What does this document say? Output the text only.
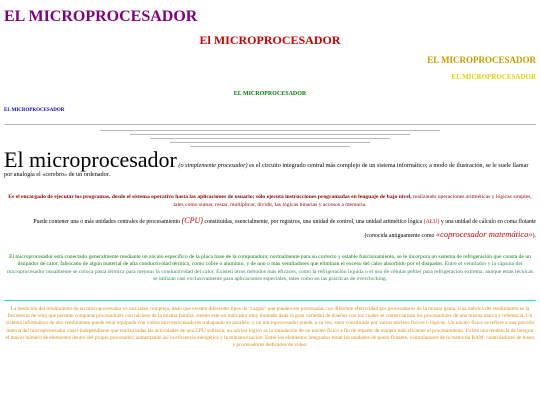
EL MICROPROCESADOR
El MICROPROCESADOR
EL MICROPROCESADOR
EL MICROPROCESADOR
EL MICROPROCESADOR
EL MICROPROCESADOR
El microprocesador (o simplemente procesador) es el circuito integrado central más complejo de un sistema informático; a modo de ilustración, se le suele llamar por analogía el «cerebro» de un ordenador.
Es el encargado de ejecutar los programas, desde el sistema operativo hasta las aplicaciones de usuario; sólo ejecuta instrucciones programadas en lenguaje de bajo nivel, realizando operaciones aritméticas y lógicas simples, tales como sumar, restar, multiplicar, dividir, las lógicas binarias y accesos a memoria.
Puede contener una o más unidades centrales de procesamiento (CPU) constituidas, esencialmente, por registros, una unidad de control, una unidad aritmético lógica (ALU) y una unidad de cálculo en coma flotante (conocida antiguamente como «coprocesador matemático»).
El microprocesador está conectado generalmente mediante un zócalo específico de la placa base de la computadora; normalmente para su correcto y estable funcionamiento, se le incorpora un sistema de refrigeración que consta de un disipador de calor, fabricado de algún material de alta conductividad térmica, como cobre o aluminio, y de uno o más ventiladores que eliminan el exceso del calor absorbido por el disipador. Entre el ventilador y la cápsula del microprocesador usualmente se coloca pasta térmica para mejorar la conductividad del calor. Existen otros métodos más eficaces, como la refrigeración líquida o el uso de células peltier para refrigeración extrema, aunque estas técnicas se utilizan casi exclusivamente para aplicaciones especiales, tales como en las prácticas de overclocking.
La medición del rendimiento de un microprocesador es una tarea compleja, dado que existen diferentes tipos de "cargas" que pueden ser procesadas con diferente efectividad por procesadores de la misma gama. Una métrica del rendimiento es la frecuencia de reloj que permite comparar procesadores con núcleos de la misma familia, siendo este un indicador muy limitado dada la gran variedad de diseños con los cuales se comercializan los procesadores de una misma marca y referencia. Un sistema informático de alto rendimiento puede estar equipado con varios microprocesadores trabajando en paralelo, y un microprocesador puede, a su vez, estar constituido por varios núcleos físicos o lógicos. Un núcleo físico se refiere a una porción interna del microprocesador cuasi-independiente que realiza todas las actividades de una CPU solitaria, un núcleo lógico es la simulación de un núcleo físico a fin de repartir de manera más eficiente el procesamiento. Existe una tendencia de integrar el mayor número de elementos dentro del propio procesador, aumentando así la eficiencia energética y la miniaturización. Entre los elementos integrados están las unidades de punto flotante, controladores de la memoria RAM, controladores de buses y procesadores dedicados de vídeo.
